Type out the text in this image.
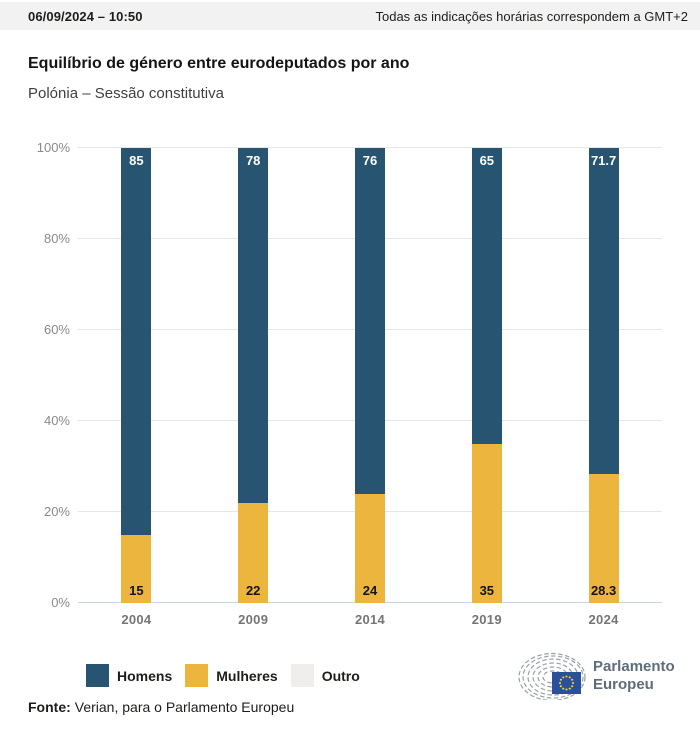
06/09/2024 – 10:50	Todas as indicações horárias correspondem a GMT+2
Equilíbrio de género entre eurodeputados por ano
Polónia – Sessão constitutiva
85
15
78
22
76
24
65
35
71.7
28.3
0%
20%
40%
60%
80%
100%
2004	2009	2014	2019	2024
Homens	Mulheres	Outro
Parlamento
Europeu
Fonte: Verian, para o Parlamento Europeu
